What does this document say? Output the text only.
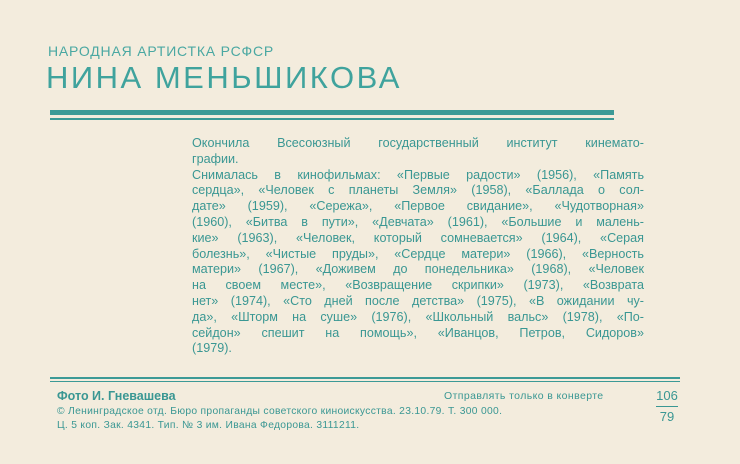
НАРОДНАЯ АРТИСТКА РСФСР
НИНА МЕНЬШИКОВА
Окончила Всесоюзный государственный институт кинемато-
графии.
Снималась в кинофильмах: «Первые радости» (1956), «Память
сердца», «Человек с планеты Земля» (1958), «Баллада о сол-
дате» (1959), «Сережа», «Первое свидание», «Чудотворная»
(1960), «Битва в пути», «Девчата» (1961), «Большие и малень-
кие» (1963), «Человек, который сомневается» (1964), «Серая
болезнь», «Чистые пруды», «Сердце матери» (1966), «Верность
матери» (1967), «Доживем до понедельника» (1968), «Человек
на своем месте», «Возвращение скрипки» (1973), «Возврата
нет» (1974), «Сто дней после детства» (1975), «В ожидании чу-
да», «Шторм на суше» (1976), «Школьный вальс» (1978), «По-
сейдон» спешит на помощь», «Иванцов, Петров, Сидоров»
(1979).
Фото И. Гневашева	Отправлять только в конверте
© Ленинградское отд. Бюро пропаганды советского киноискусства. 23.10.79. Т. 300 000.
Ц. 5 коп. Зак. 4341. Тип. № 3 им. Ивана Федорова. 3111211.
106
79
